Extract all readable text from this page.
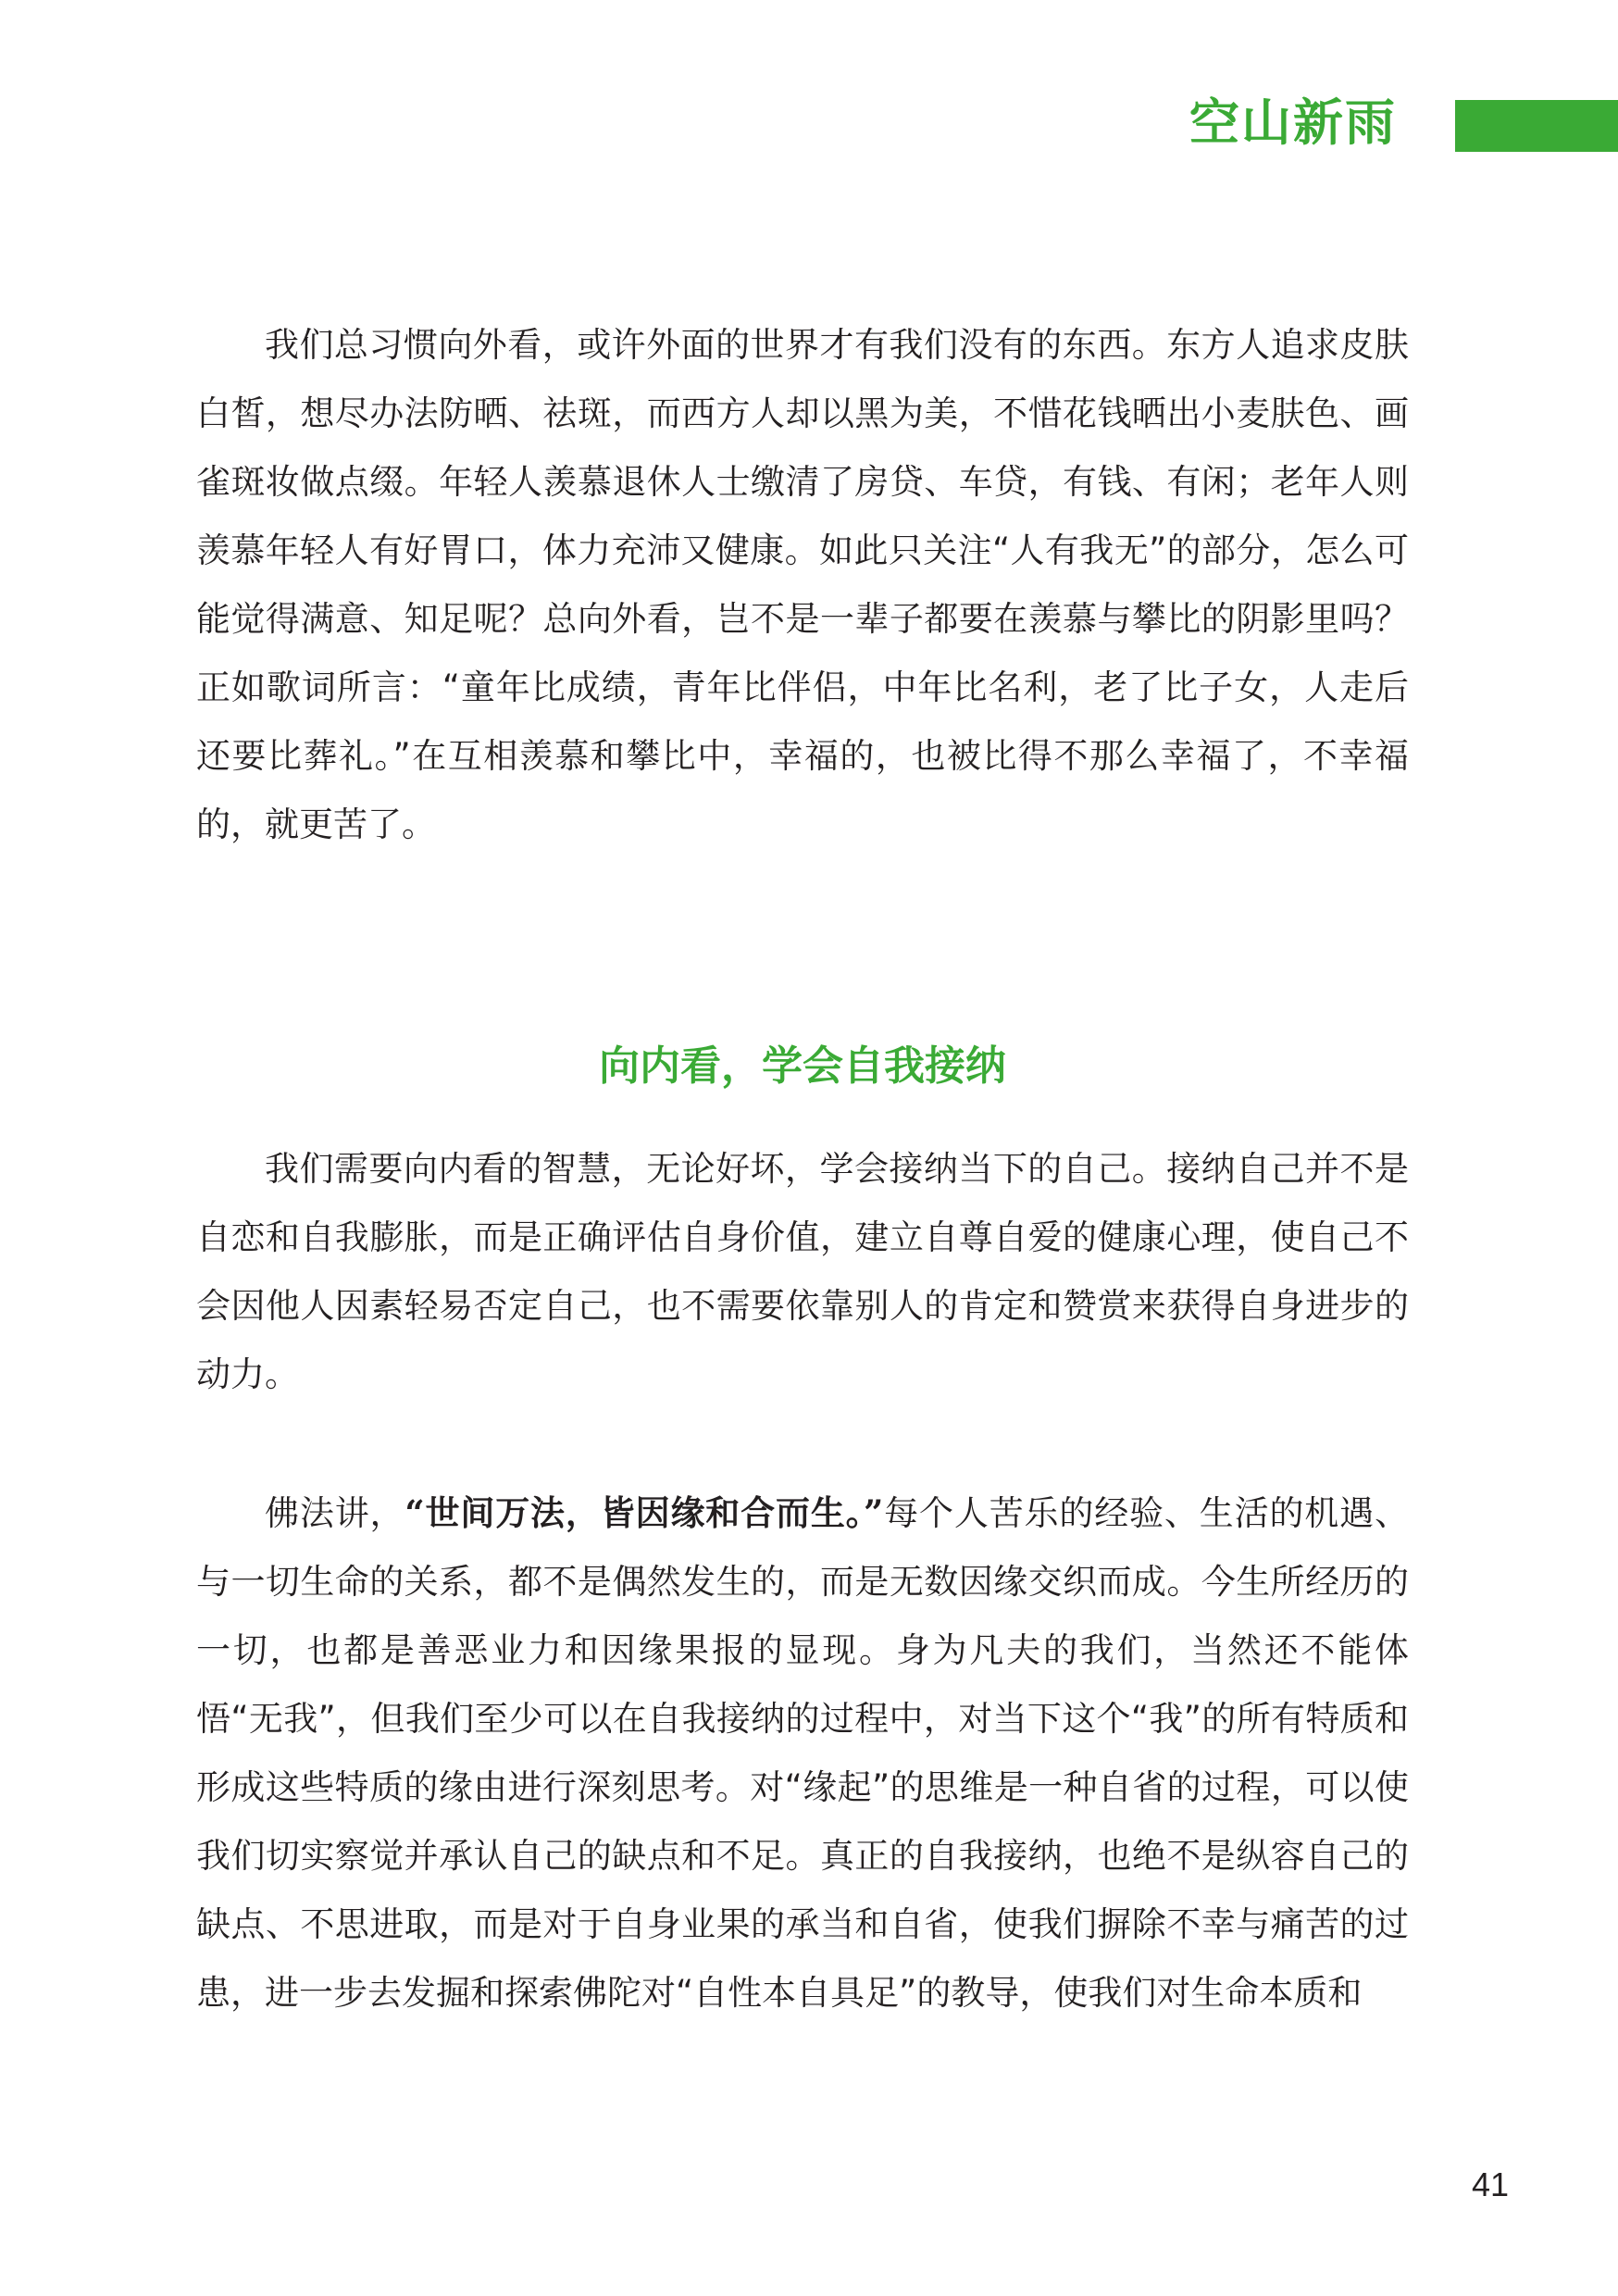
空山新雨

我们总习惯向外看，或许外面的世界才有我们没有的东西。东方人追求皮肤白皙，想尽办法防晒、祛斑，而西方人却以黑为美，不惜花钱晒出小麦肤色、画雀斑妆做点缀。年轻人羡慕退休人士缴清了房贷、车贷，有钱、有闲；老年人则羡慕年轻人有好胃口，体力充沛又健康。如此只关注“人有我无”的部分，怎么可能觉得满意、知足呢？总向外看，岂不是一辈子都要在羡慕与攀比的阴影里吗？正如歌词所言：“童年比成绩，青年比伴侣，中年比名利，老了比子女，人走后还要比葬礼。”在互相羡慕和攀比中，幸福的，也被比得不那么幸福了，不幸福的，就更苦了。

向内看，学会自我接纳

我们需要向内看的智慧，无论好坏，学会接纳当下的自己。接纳自己并不是自恋和自我膨胀，而是正确评估自身价值，建立自尊自爱的健康心理，使自己不会因他人因素轻易否定自己，也不需要依靠别人的肯定和赞赏来获得自身进步的动力。

佛法讲，“世间万法，皆因缘和合而生。”每个人苦乐的经验、生活的机遇、与一切生命的关系，都不是偶然发生的，而是无数因缘交织而成。今生所经历的一切，也都是善恶业力和因缘果报的显现。身为凡夫的我们，当然还不能体悟“无我”，但我们至少可以在自我接纳的过程中，对当下这个“我”的所有特质和形成这些特质的缘由进行深刻思考。对“缘起”的思维是一种自省的过程，可以使我们切实察觉并承认自己的缺点和不足。真正的自我接纳，也绝不是纵容自己的缺点、不思进取，而是对于自身业果的承当和自省，使我们摒除不幸与痛苦的过患，进一步去发掘和探索佛陀对“自性本自具足”的教导，使我们对生命本质和

41
